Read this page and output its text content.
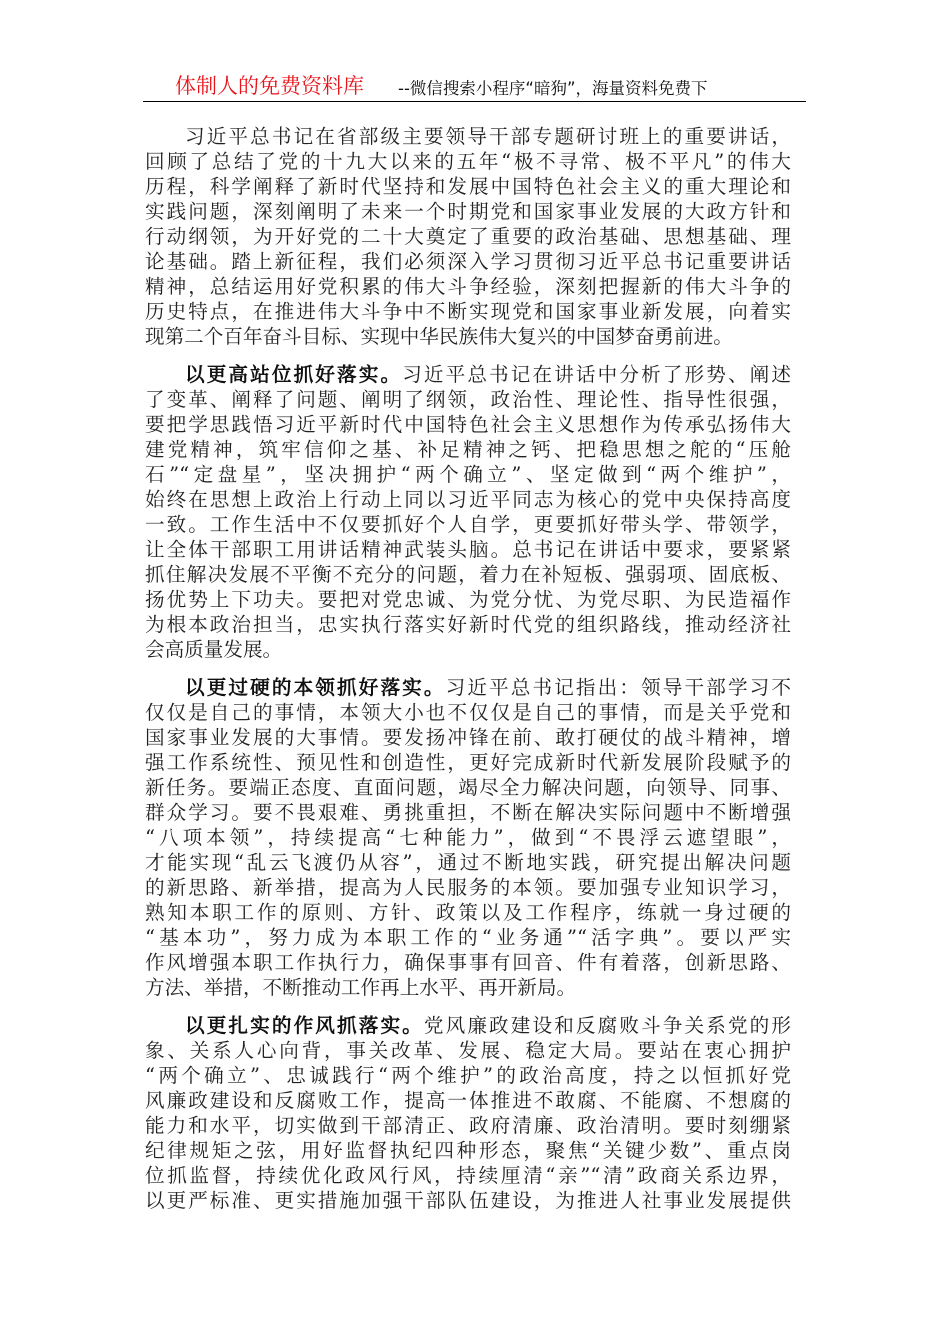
体制人的免费资料库 --微信搜索小程序“暗狗”，海量资料免费下
习近平总书记在省部级主要领导干部专题研讨班上的重要讲话，
回顾了总结了党的十九大以来的五年“极不寻常、极不平凡”的伟大
历程，科学阐释了新时代坚持和发展中国特色社会主义的重大理论和
实践问题，深刻阐明了未来一个时期党和国家事业发展的大政方针和
行动纲领，为开好党的二十大奠定了重要的政治基础、思想基础、理
论基础。踏上新征程，我们必须深入学习贯彻习近平总书记重要讲话
精神，总结运用好党积累的伟大斗争经验，深刻把握新的伟大斗争的
历史特点，在推进伟大斗争中不断实现党和国家事业新发展，向着实
现第二个百年奋斗目标、实现中华民族伟大复兴的中国梦奋勇前进。
以更高站位抓好落实。习近平总书记在讲话中分析了形势、阐述
了变革、阐释了问题、阐明了纲领，政治性、理论性、指导性很强，
要把学思践悟习近平新时代中国特色社会主义思想作为传承弘扬伟大
建党精神，筑牢信仰之基、补足精神之钙、把稳思想之舵的“压舱
石”“定盘星”，坚决拥护“两个确立”、坚定做到“两个维护”，
始终在思想上政治上行动上同以习近平同志为核心的党中央保持高度
一致。工作生活中不仅要抓好个人自学，更要抓好带头学、带领学，
让全体干部职工用讲话精神武装头脑。总书记在讲话中要求，要紧紧
抓住解决发展不平衡不充分的问题，着力在补短板、强弱项、固底板、
扬优势上下功夫。要把对党忠诚、为党分忧、为党尽职、为民造福作
为根本政治担当，忠实执行落实好新时代党的组织路线，推动经济社
会高质量发展。
以更过硬的本领抓好落实。习近平总书记指出：领导干部学习不
仅仅是自己的事情，本领大小也不仅仅是自己的事情，而是关乎党和
国家事业发展的大事情。要发扬冲锋在前、敢打硬仗的战斗精神，增
强工作系统性、预见性和创造性，更好完成新时代新发展阶段赋予的
新任务。要端正态度、直面问题，竭尽全力解决问题，向领导、同事、
群众学习。要不畏艰难、勇挑重担，不断在解决实际问题中不断增强
“八项本领”，持续提高“七种能力”，做到“不畏浮云遮望眼”，
才能实现“乱云飞渡仍从容”，通过不断地实践，研究提出解决问题
的新思路、新举措，提高为人民服务的本领。要加强专业知识学习，
熟知本职工作的原则、方针、政策以及工作程序，练就一身过硬的
“基本功”，努力成为本职工作的“业务通”“活字典”。要以严实
作风增强本职工作执行力，确保事事有回音、件有着落，创新思路、
方法、举措，不断推动工作再上水平、再开新局。
以更扎实的作风抓落实。党风廉政建设和反腐败斗争关系党的形
象、关系人心向背，事关改革、发展、稳定大局。要站在衷心拥护
“两个确立”、忠诚践行“两个维护”的政治高度，持之以恒抓好党
风廉政建设和反腐败工作，提高一体推进不敢腐、不能腐、不想腐的
能力和水平，切实做到干部清正、政府清廉、政治清明。要时刻绷紧
纪律规矩之弦，用好监督执纪四种形态，聚焦“关键少数”、重点岗
位抓监督，持续优化政风行风，持续厘清“亲”“清”政商关系边界，
以更严标准、更实措施加强干部队伍建设，为推进人社事业发展提供
